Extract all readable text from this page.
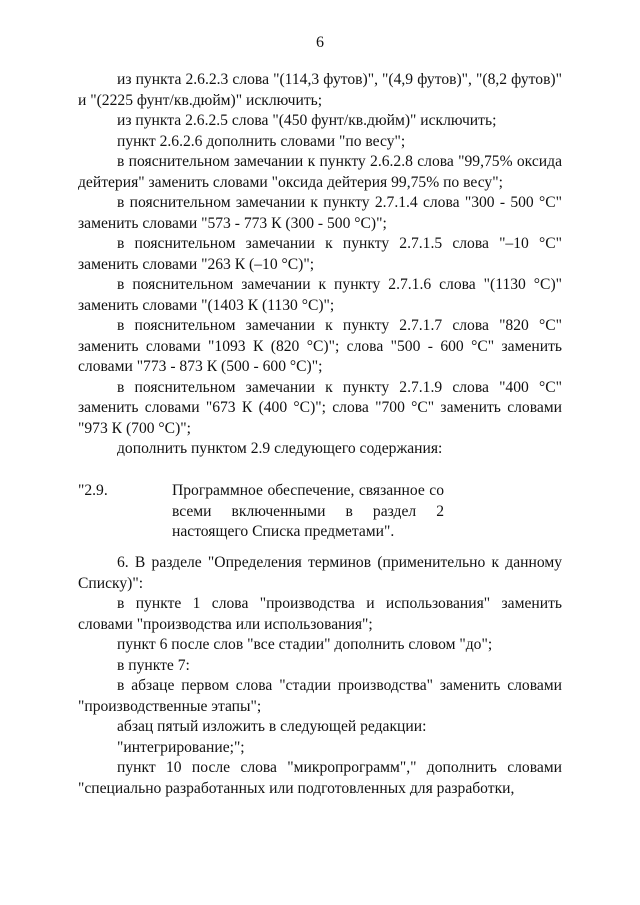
6

из пункта 2.6.2.3 слова "(114,3 футов)", "(4,9 футов)", "(8,2 футов)" и "(2225 фунт/кв.дюйм)" исключить;

из пункта 2.6.2.5 слова "(450 фунт/кв.дюйм)" исключить;

пункт 2.6.2.6 дополнить словами "по весу";

в пояснительном замечании к пункту 2.6.2.8 слова "99,75% оксида дейтерия" заменить словами "оксида дейтерия 99,75% по весу";

в пояснительном замечании к пункту 2.7.1.4 слова "300 - 500 °С" заменить словами "573 - 773 К (300 - 500 °С)";

в пояснительном замечании к пункту 2.7.1.5 слова "–10 °С" заменить словами "263 К (–10 °С)";

в пояснительном замечании к пункту 2.7.1.6 слова "(1130 °С)" заменить словами "(1403 К (1130 °С)";

в пояснительном замечании к пункту 2.7.1.7 слова "820 °С" заменить словами "1093 К (820 °С)"; слова "500 - 600 °С" заменить словами "773 - 873 К (500 - 600 °С)";

в пояснительном замечании к пункту 2.7.1.9 слова "400 °С" заменить словами "673 К (400 °С)"; слова "700 °С" заменить словами "973 К (700 °С)";

дополнить пунктом 2.9 следующего содержания:

"2.9.	Программное обеспечение, связанное со всеми включенными в раздел 2 настоящего Списка предметами".

6. В разделе "Определения терминов (применительно к данному Списку)":

в пункте 1 слова "производства и использования" заменить словами "производства или использования";

пункт 6 после слов "все стадии" дополнить словом "до";

в пункте 7:

в абзаце первом слова "стадии производства" заменить словами "производственные этапы";

абзац пятый изложить в следующей редакции:

"интегрирование;";

пункт 10 после слова "микропрограмм"," дополнить словами "специально разработанных или подготовленных для разработки,
